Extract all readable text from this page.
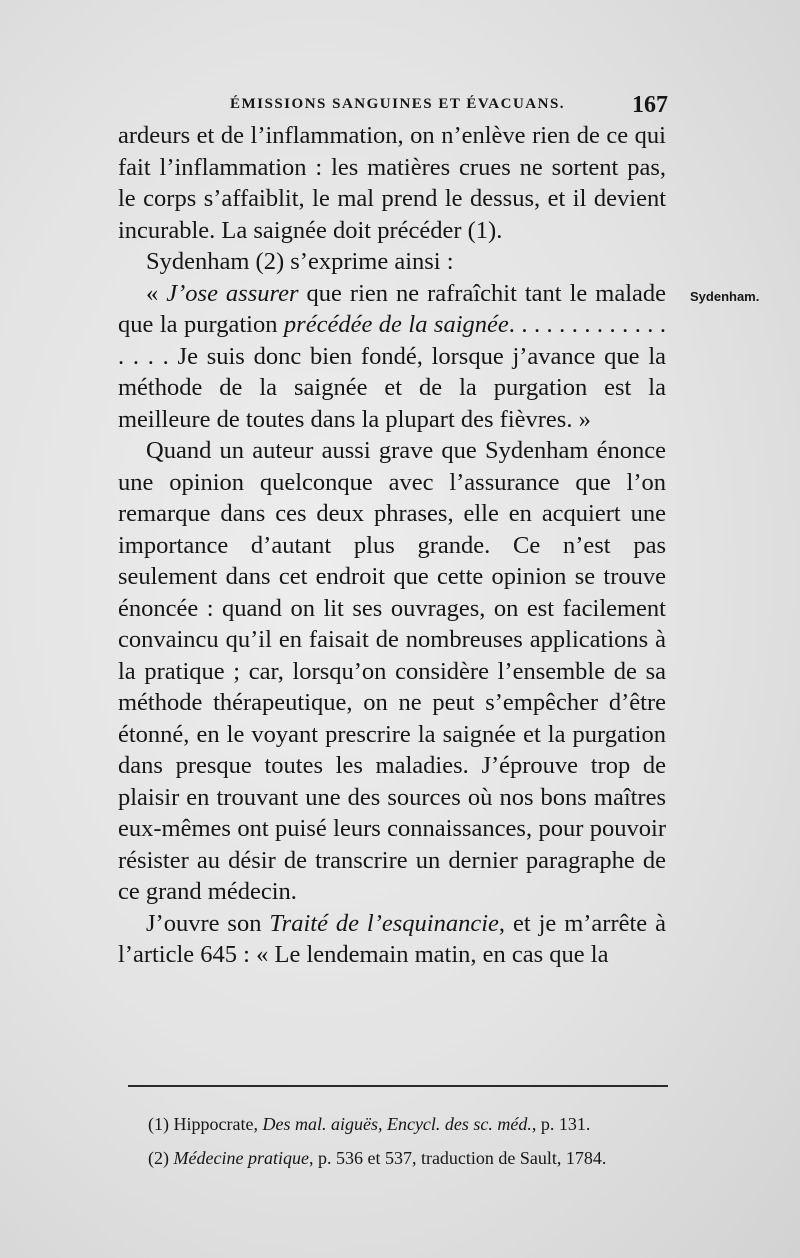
ÉMISSIONS SANGUINES ET ÉVACUANS.	167
Sydenham.

ardeurs et de l’inflammation, on n’enlève rien de ce qui fait l’inflammation : les matières crues ne sortent pas, le corps s’affaiblit, le mal prend le dessus, et il devient incurable. La saignée doit précéder (1).

Sydenham (2) s’exprime ainsi :

« J’ose assurer que rien ne rafraîchit tant le malade que la purgation précédée de la saignée. . . . . . . . . . . . . . . . . Je suis donc bien fondé, lorsque j’avance que la méthode de la saignée et de la purgation est la meilleure de toutes dans la plupart des fièvres. »

Quand un auteur aussi grave que Sydenham énonce une opinion quelconque avec l’assurance que l’on remarque dans ces deux phrases, elle en acquiert une importance d’autant plus grande. Ce n’est pas seulement dans cet endroit que cette opinion se trouve énoncée : quand on lit ses ouvrages, on est facilement convaincu qu’il en faisait de nombreuses applications à la pratique ; car, lorsqu’on considère l’ensemble de sa méthode thérapeutique, on ne peut s’empêcher d’être étonné, en le voyant prescrire la saignée et la purgation dans presque toutes les maladies. J’éprouve trop de plaisir en trouvant une des sources où nos bons maîtres eux-mêmes ont puisé leurs connaissances, pour pouvoir résister au désir de transcrire un dernier paragraphe de ce grand médecin.

J’ouvre son Traité de l’esquinancie, et je m’arrête à l’article 645 : « Le lendemain matin, en cas que la

(1) Hippocrate, Des mal. aiguës, Encycl. des sc. méd., p. 131.

(2) Médecine pratique, p. 536 et 537, traduction de Sault, 1784.
